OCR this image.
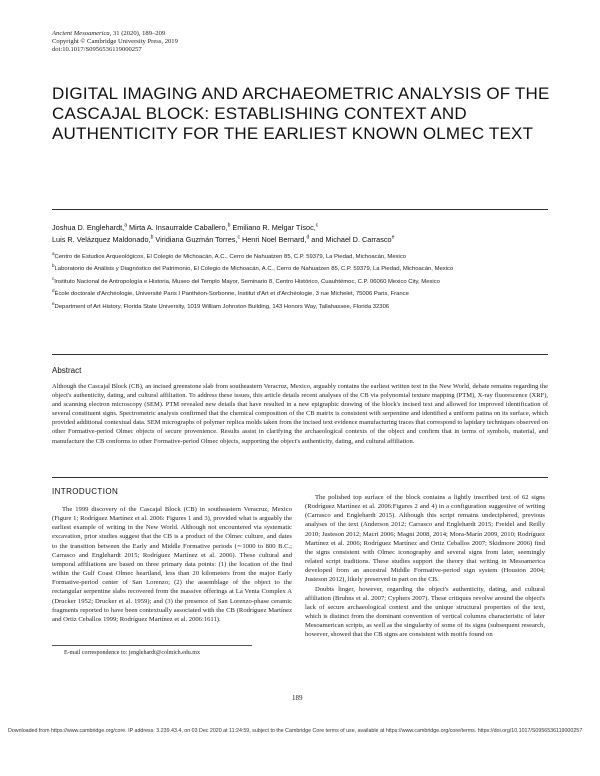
Ancient Mesoamerica, 31 (2020), 189–209
Copyright © Cambridge University Press, 2019
doi:10.1017/S0956536119000257
DIGITAL IMAGING AND ARCHAEOMETRIC ANALYSIS OF THE CASCAJAL BLOCK: ESTABLISHING CONTEXT AND AUTHENTICITY FOR THE EARLIEST KNOWN OLMEC TEXT
Joshua D. Englehardt,$^a$ Mirta A. Insaurralde Caballero,$^b$ Emiliano R. Melgar Tísoc,$^c$
Luis R. Velázquez Maldonado,$^b$ Viridiana Guzmán Torres,$^c$ Henri Noel Bernard,$^d$ and Michael D. Carrasco$^e$
$^a$Centro de Estudios Arqueológicos, El Colegio de Michoacán, A.C., Cerro de Nahuatzen 85, C.P. 59379, La Piedad, Michoacán, Mexico
$^b$Laboratorio de Análisis y Diagnóstico del Patrimonio, El Colegio de Michoacán, A.C., Cerro de Nahuatzen 85, C.P. 59379, La Piedad, Michoacán, Mexico
$^c$Instituto Nacional de Antropología e Historia, Museo del Templo Mayor, Seminario 8, Centro Histórico, Cuauhtémoc, C.P. 06060 Mexico City, Mexico
$^d$École doctorale d'Archéologie, Université Paris I Panthéon-Sorbonne, Institut d'Art et d'Archéologie, 3 rue Michelet, 75006 Paris, France
$^e$Department of Art History, Florida State University, 1019 William Johnston Building, 143 Honors Way, Tallahassee, Florida 32306
Abstract
Although the Cascajal Block (CB), an incised greenstone slab from southeastern Veracruz, Mexico, arguably contains the earliest written text in the New World, debate remains regarding the object's authenticity, dating, and cultural affiliation. To address these issues, this article details recent analyses of the CB via polynomial texture mapping (PTM), X-ray fluorescence (XRF), and scanning electron microscopy (SEM). PTM revealed new details that have resulted in a new epigraphic drawing of the block's incised text and allowed for improved identification of several constituent signs. Spectrometric analysis confirmed that the chemical composition of the CB matrix is consistent with serpentine and identified a uniform patina on its surface, which provided additional contextual data. SEM micrographs of polymer replica molds taken from the incised text evidence manufacturing traces that correspond to lapidary techniques observed on other Formative-period Olmec objects of secure provenience. Results assist in clarifying the archaeological contexts of the object and confirm that in terms of symbols, material, and manufacture the CB conforms to other Formative-period Olmec objects, supporting the object's authenticity, dating, and cultural affiliation.
INTRODUCTION

The 1999 discovery of the Cascajal Block (CB) in southeastern Veracruz, Mexico (Figure 1; Rodríguez Martínez et al. 2006: Figures 1 and 3), provided what is arguably the earliest example of writing in the New World. Although not encountered via systematic excavation, prior studies suggest that the CB is a product of the Olmec culture, and dates to the transition between the Early and Middle Formative periods (∼1000 to 800 B.C.; Carrasco and Englehardt 2015; Rodríguez Martínez et al. 2006). These cultural and temporal affiliations are based on three primary data points: (1) the location of the find within the Gulf Coast Olmec heartland, less than 20 kilometers from the major Early Formative-period center of San Lorenzo; (2) the assemblage of the object to the rectangular serpentine slabs recovered from the massive offerings at La Venta Complex A (Drucker 1952; Drucker et al. 1959); and (3) the presence of San Lorenzo-phase ceramic fragments reported to have been contextually associated with the CB (Rodríguez Martínez and Ortiz Ceballos 1999; Rodríguez Martínez et al. 2006:1611).

The polished top surface of the block contains a lightly inscribed text of 62 signs (Rodríguez Martínez et al. 2006:Figures 2 and 4) in a configuration suggestive of writing (Carrasco and Englehardt 2015). Although this script remains undeciphered, previous analyses of the text (Anderson 2012; Carrasco and Englehardt 2015; Freidel and Reilly 2010; Justeson 2012; Macri 2006; Magni 2008, 2014; Mora-Marín 2009, 2010; Rodríguez Martínez et al. 2006; Rodríguez Martínez and Ortiz Ceballos 2007; Skidmore 2006) find the signs consistent with Olmec iconography and several signs from later, seemingly related script traditions. These studies support the theory that writing in Mesoamerica developed from an ancestral Middle Formative-period sign system (Houston 2004; Justeson 2012), likely preserved in part on the CB.

Doubts linger, however, regarding the object's authenticity, dating, and cultural affiliation (Bruhns et al. 2007; Cyphers 2007). These critiques revolve around the object's lack of secure archaeological context and the unique structural properties of the text, which is distinct from the dominant convention of vertical columns characteristic of later Mesoamerican scripts, as well as the singularity of some of its signs (subsequent research, however, showed that the CB signs are consistent with motifs found on

E-mail correspondence to: jenglehardt@colmich.edu.mx
189
Downloaded from https://www.cambridge.org/core. IP address: 3.239.43.4, on 03 Dec 2020 at 11:24:59, subject to the Cambridge Core terms of use, available at https://www.cambridge.org/core/terms. https://doi.org/10.1017/S0956536119000257
